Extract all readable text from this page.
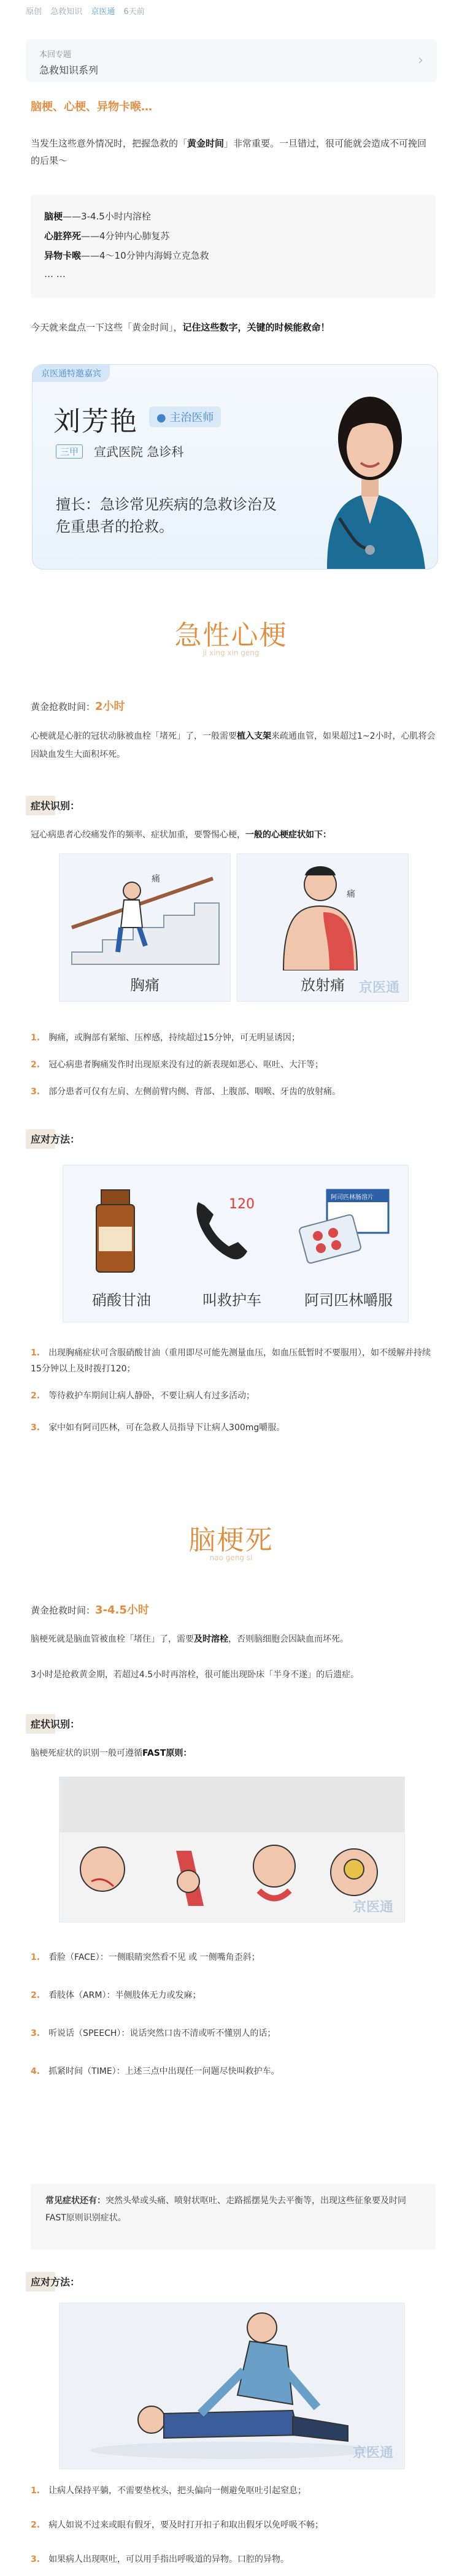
原创 急救知识 京医通 6天前
本回专题
急救知识系列
›
脑梗、心梗、异物卡喉…
当发生这些意外情况时，把握急救的「黄金时间」非常重要。一旦错过，很可能就会造成不可挽回的后果～
脑梗——3-4.5小时内溶栓
心脏猝死——4分钟内心肺复苏
异物卡喉——4～10分钟内海姆立克急救
… …
今天就来盘点一下这些「黄金时间」，记住这些数字，关键的时候能救命！
京医通特邀嘉宾
刘芳艳	● 主治医师
三甲	宣武医院 急诊科
擅长：急诊常见疾病的急救诊治及危重患者的抢救。
急性心梗
ji xing xin geng
黄金抢救时间：2小时
心梗就是心脏的冠状动脉被血栓「堵死」了，一般需要植入支架来疏通血管，如果超过1~2小时，心肌将会因缺血发生大面积坏死。
症状识别：
冠心病患者心绞痛发作的频率、症状加重，要警惕心梗，一般的心梗症状如下：
痛
胸痛
痛
放射痛	京医通
1. 胸痛，或胸部有紧缩、压榨感，持续超过15分钟，可无明显诱因；
2. 冠心病患者胸痛发作时出现原来没有过的新表现如恶心、呕吐、大汗等；
3. 部分患者可仅有左肩、左侧前臂内侧、背部、上腹部、咽喉、牙齿的放射痛。
应对方法：
120	阿司匹林肠溶片
硝酸甘油	叫救护车	阿司匹林嚼服
1. 出现胸痛症状可含服硝酸甘油（重用即尽可能先测量血压，如血压低暂时不要服用），如不缓解并持续15分钟以上及时拨打120；
2. 等待救护车期间让病人静卧，不要让病人有过多活动；
3. 家中如有阿司匹林，可在急救人员指导下让病人300mg嚼服。
脑梗死
nao geng si
黄金抢救时间：3-4.5小时
脑梗死就是脑血管被血栓「堵住」了，需要及时溶栓，否则脑细胞会因缺血而坏死。
3小时是抢救黄金期，若超过4.5小时再溶栓，很可能出现卧床「半身不遂」的后遗症。
症状识别：
脑梗死症状的识别一般可遵循FAST原则：
京医通
1. 看脸（FACE）：一侧眼睛突然看不见 或 一侧嘴角歪斜；
2. 看肢体（ARM）：半侧肢体无力或发麻；
3. 听说话（SPEECH）：说话突然口齿不清或听不懂别人的话；
4. 抓紧时间（TIME）：上述三点中出现任一问题尽快叫救护车。
常见症状还有：突然头晕或头痛、喷射状呕吐、走路摇摆晃失去平衡等，出现这些征象要及时同FAST原则识别症状。
应对方法：
京医通
1. 让病人保持平躺，不需要垫枕头，把头偏向一侧避免呕吐引起窒息；
2. 病人如说不过来或眼有假牙，要及时打开扣子和取出假牙以免呼吸不畅；
3. 如果病人出现呕吐，可以用手指出呼吸道的异物。口腔的异物。
